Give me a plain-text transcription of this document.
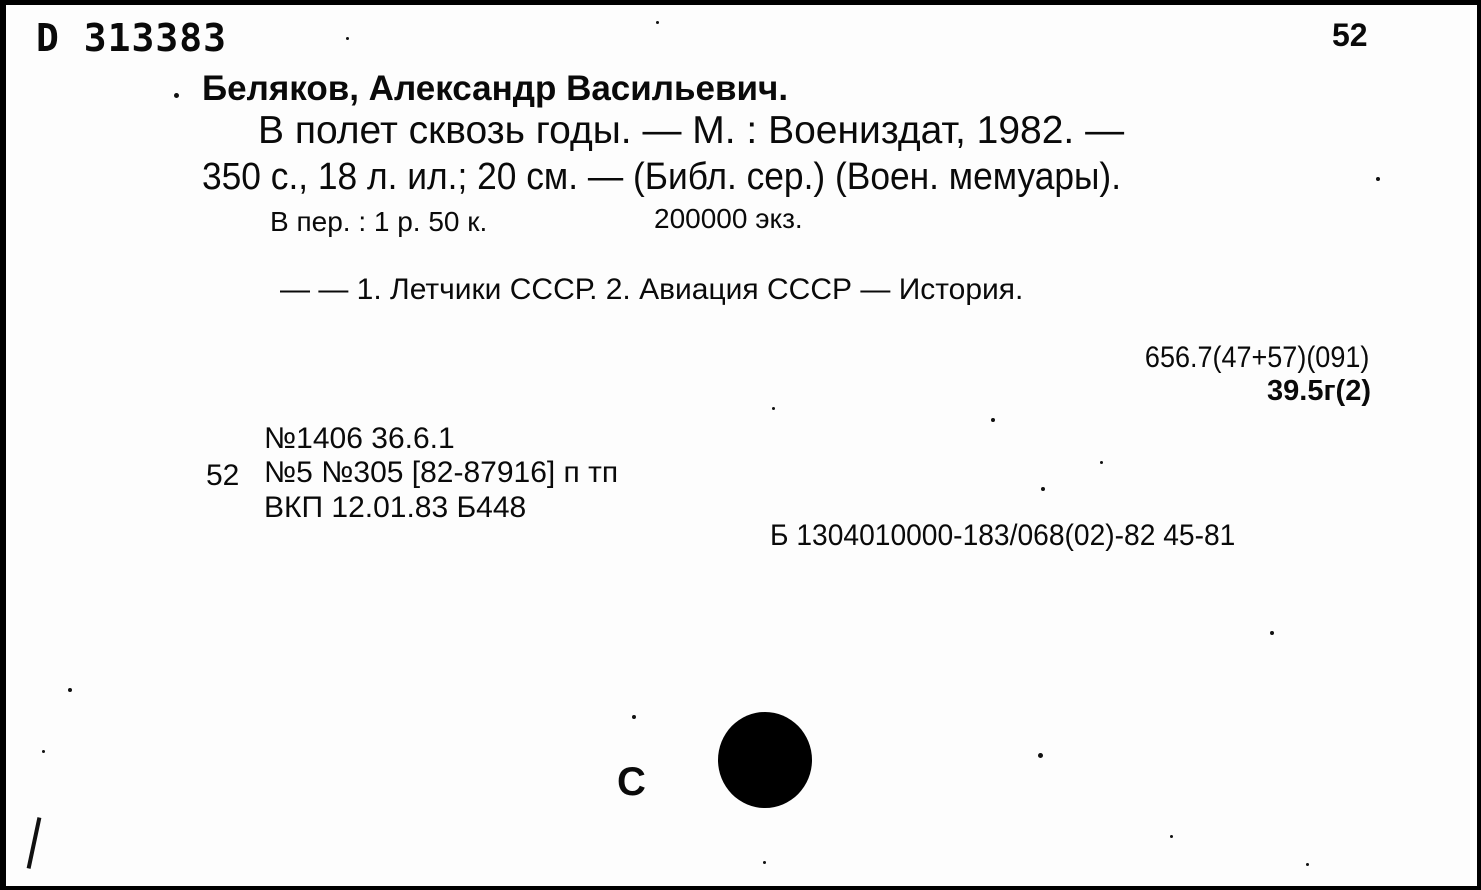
D 313383	52
Беляков, Александр Васильевич.
В полет сквозь годы. — М. : Воениздат, 1982. —
350 с., 18 л. ил.; 20 см. — (Библ. сер.) (Воен. мемуары).
В пер. : 1 р. 50 к.	200000 экз.
— — 1. Летчики СССР. 2. Авиация СССР — История.
656.7(47+57)(091)
39.5г(2)
№1406 36.6.1
52 №5 №305 [82-87916] п тп
ВКП 12.01.83 Б448
Б 1304010000-183/068(02)-82 45-81
С
